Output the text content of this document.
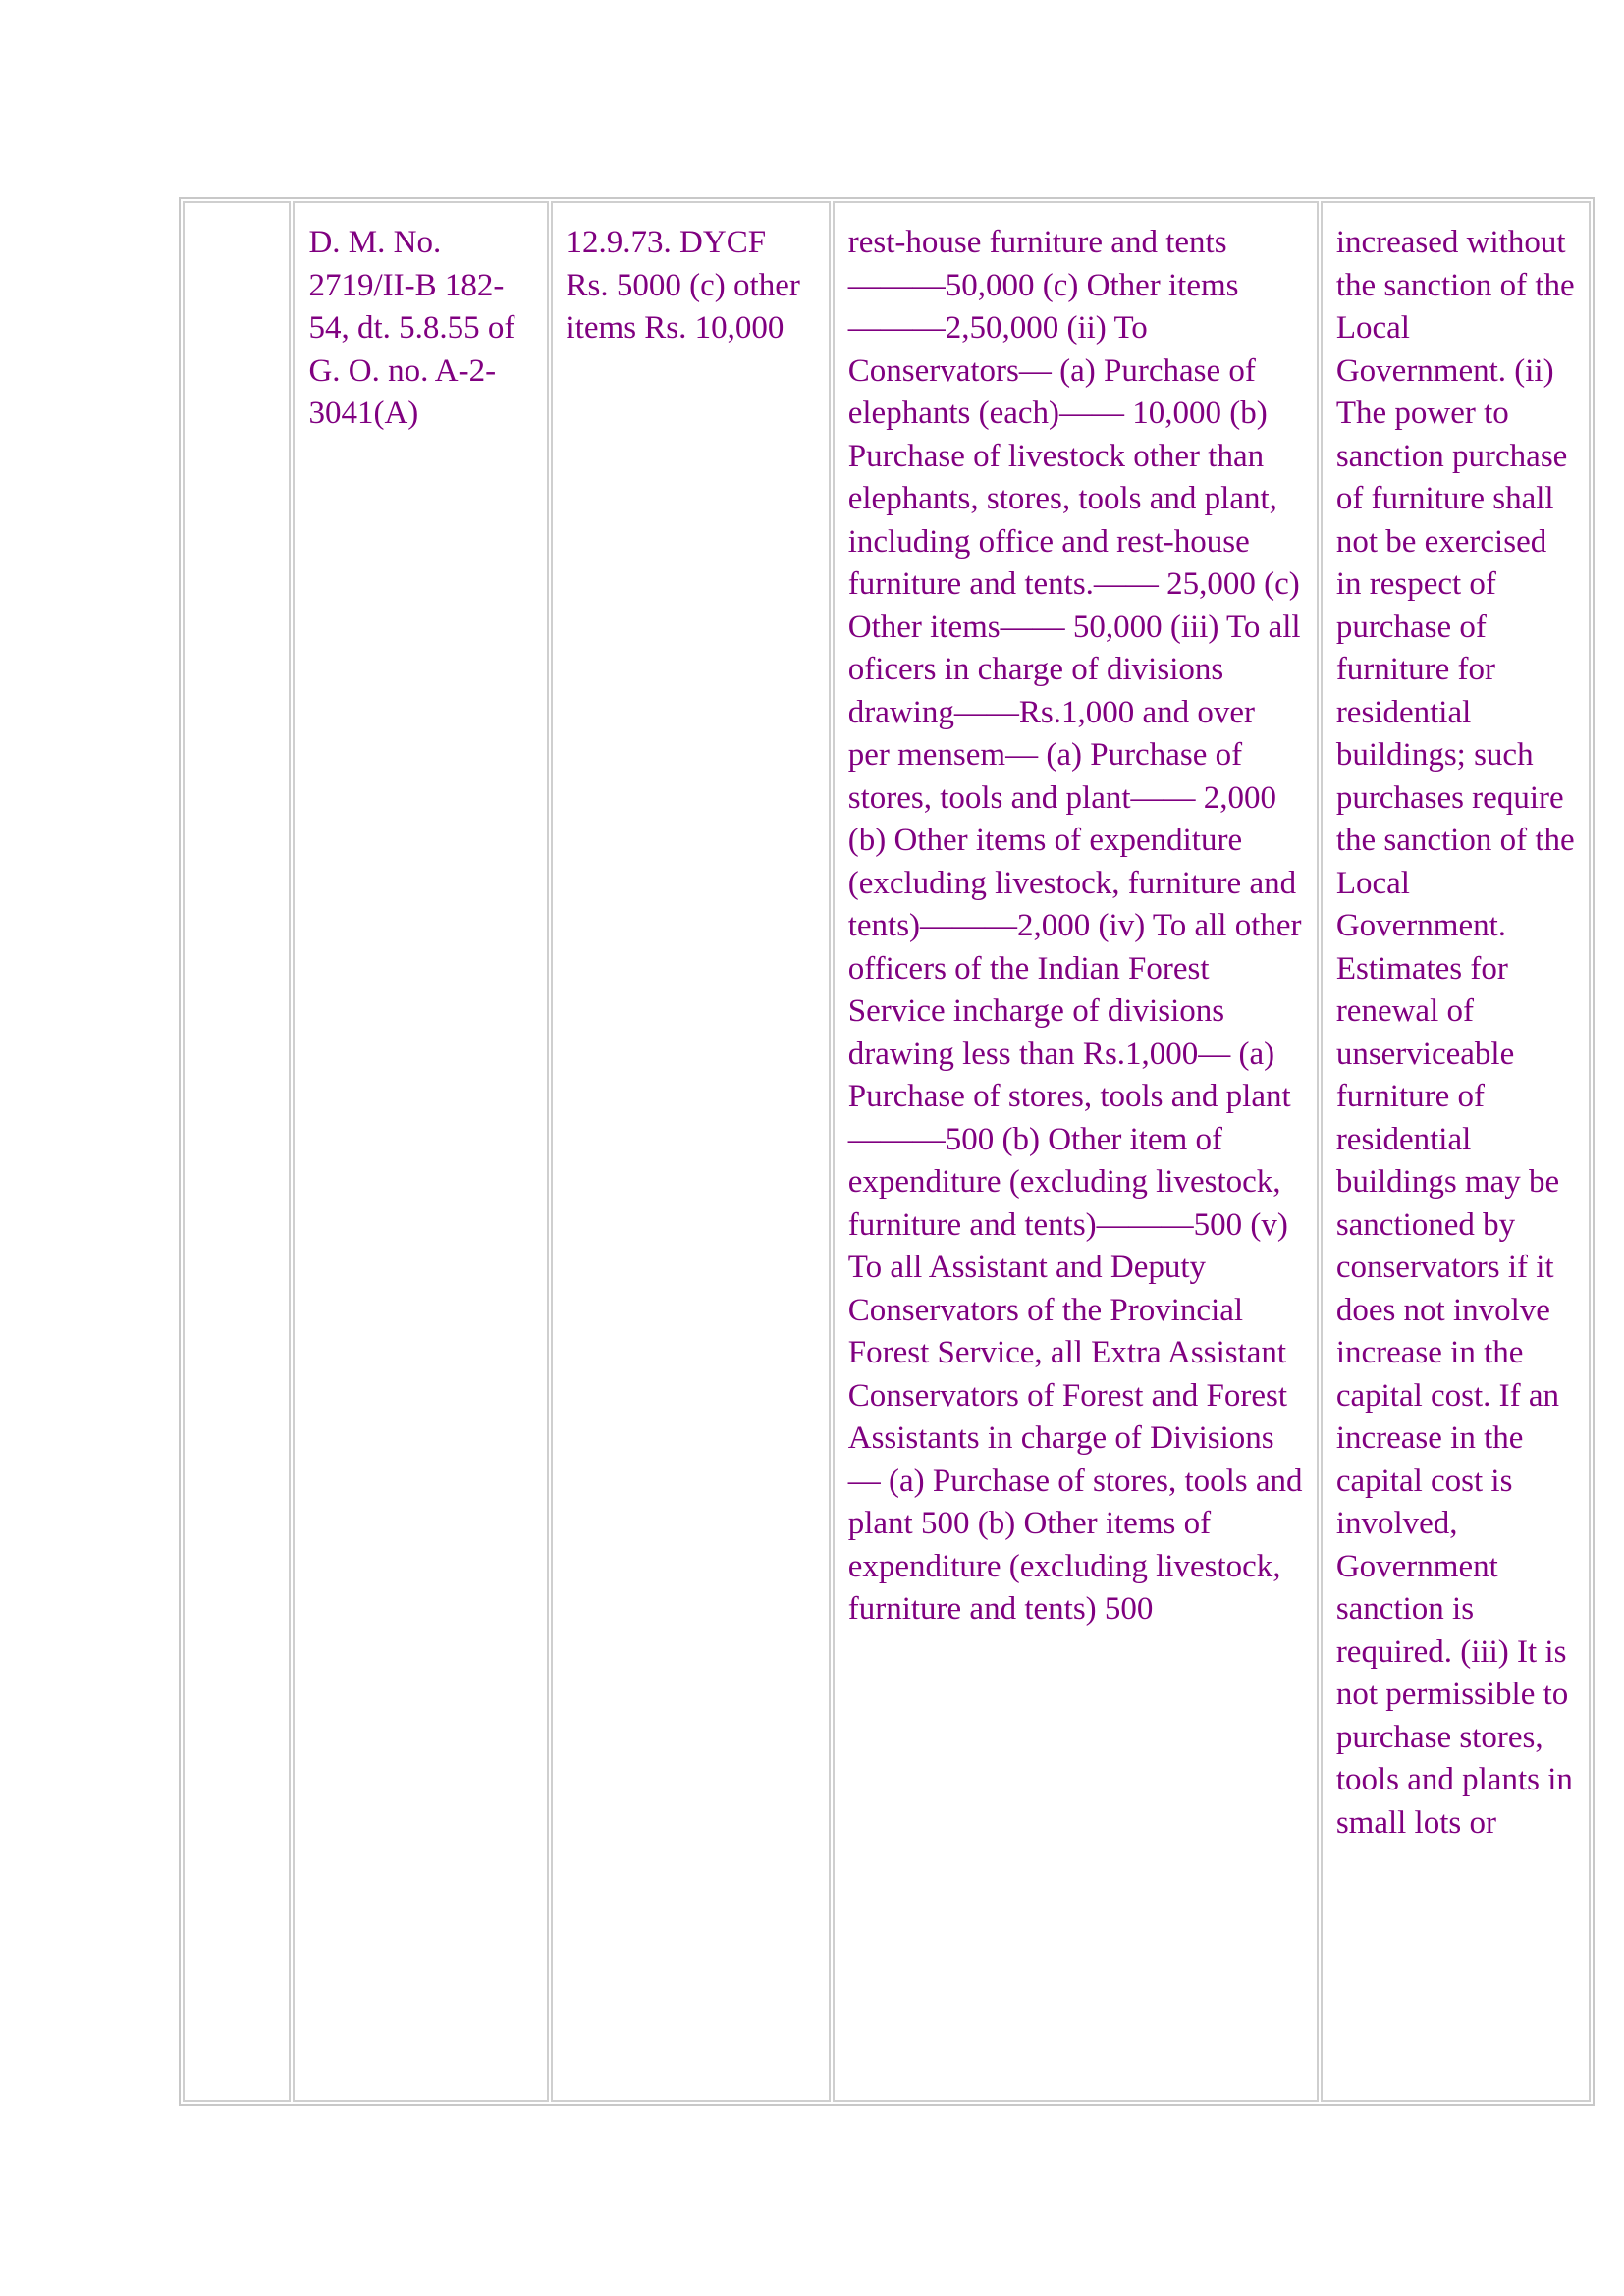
	D. M. No. 2719/II-B 182-54, dt. 5.8.55 of G. O. no. A-2-3041(A)	12.9.73. DYCF Rs. 5000 (c) other items Rs. 10,000	rest-house furniture and tents———50,000 (c) Other items———2,50,000 (ii) To Conservators— (a) Purchase of elephants (each)—— 10,000 (b) Purchase of livestock other than elephants, stores, tools and plant, including office and rest-house furniture and tents.—— 25,000 (c) Other items—— 50,000 (iii) To all oficers in charge of divisions drawing——Rs.1,000 and over per mensem— (a) Purchase of stores, tools and plant—— 2,000 (b) Other items of expenditure (excluding livestock, furniture and tents)———2,000 (iv) To all other officers of the Indian Forest Service incharge of divisions drawing less than Rs.1,000— (a) Purchase of stores, tools and plant———500 (b) Other item of expenditure (excluding livestock, furniture and tents)———500 (v) To all Assistant and Deputy Conservators of the Provincial Forest Service, all Extra Assistant Conservators of Forest and Forest Assistants in charge of Divisions— (a) Purchase of stores, tools and plant 500 (b) Other items of expenditure (excluding livestock, furniture and tents) 500	increased without the sanction of the Local Government. (ii) The power to sanction purchase of furniture shall not be exercised in respect of purchase of furniture for residential buildings; such purchases require the sanction of the Local Government. Estimates for renewal of unserviceable furniture of residential buildings may be sanctioned by conservators if it does not involve increase in the capital cost. If an increase in the capital cost is involved, Government sanction is required. (iii) It is not permissible to purchase stores, tools and plants in small lots or
